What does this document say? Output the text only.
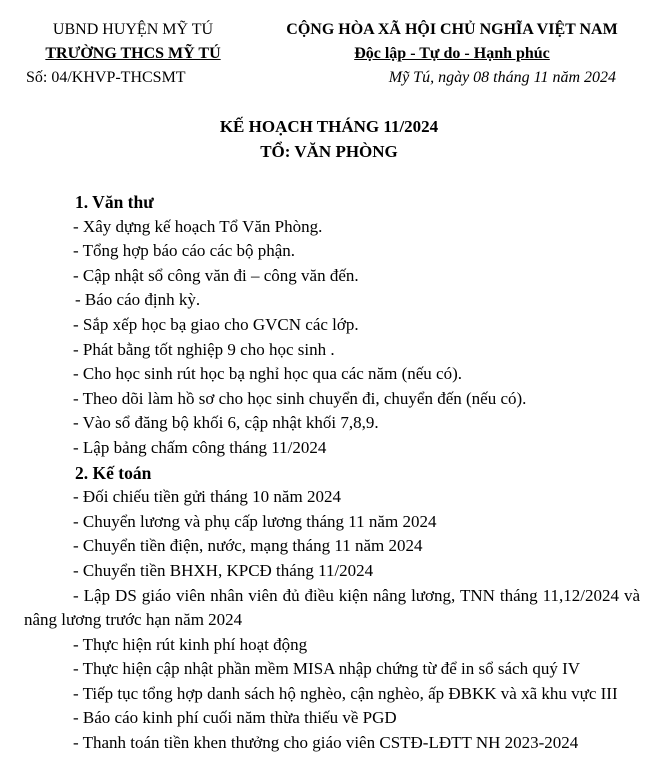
UBND HUYỆN MỸ TÚ
TRƯỜNG THCS MỸ TÚ
CỘNG HÒA XÃ HỘI CHỦ NGHĨA VIỆT NAM
Độc lập - Tự do - Hạnh phúc
Số: 04/KHVP-THCSMT	Mỹ Tú, ngày 08 tháng 11 năm 2024
KẾ HOẠCH THÁNG 11/2024
TỔ: VĂN PHÒNG
1. Văn thư
- Xây dựng kế hoạch Tổ Văn Phòng.
- Tổng hợp báo cáo các bộ phận.
- Cập nhật sổ công văn đi – công văn đến.
- Báo cáo định kỳ.
- Sắp xếp học bạ giao cho GVCN các lớp.
- Phát bằng tốt nghiệp 9 cho học sinh .
- Cho học sinh rút học bạ nghỉ học qua các năm (nếu có).
- Theo dõi làm hồ sơ cho học sinh chuyển đi, chuyển đến (nếu có).
- Vào sổ đăng bộ khối 6, cập nhật khối 7,8,9.
- Lập bảng chấm công tháng 11/2024
2. Kế toán
- Đối chiếu tiền gửi tháng 10 năm 2024
- Chuyển lương và phụ cấp lương tháng 11 năm 2024
- Chuyển tiền điện, nước, mạng tháng 11 năm 2024
- Chuyển tiền BHXH, KPCĐ tháng 11/2024
- Lập DS giáo viên nhân viên đủ điều kiện nâng lương, TNN tháng 11,12/2024 và nâng lương trước hạn năm 2024
- Thực hiện rút kinh phí hoạt động
- Thực hiện cập nhật phần mềm MISA nhập chứng từ để in sổ sách quý IV
- Tiếp tục tổng hợp danh sách hộ nghèo, cận nghèo, ấp ĐBKK và xã khu vực III
- Báo cáo kinh phí cuối năm thừa thiếu về PGD
- Thanh toán tiền khen thưởng cho giáo viên CSTĐ-LĐTT NH 2023-2024
